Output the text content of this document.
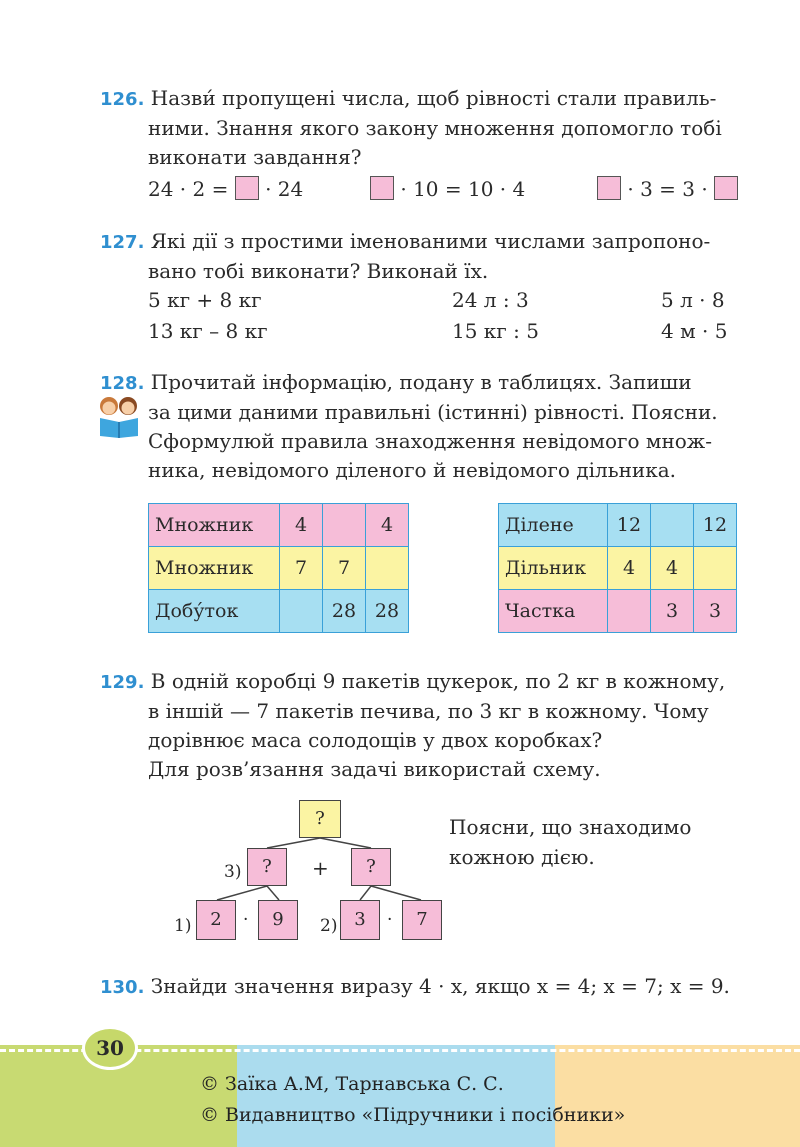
126. Назви́ пропущені числа, щоб рівності стали правиль-
ними. Знання якого закону множення допомогло тобі
виконати завдання?
24 · 2 = · 24	· 10 = 10 · 4	· 3 = 3 ·
127. Які дії з простими іменованими числами запропоно-
вано тобі виконати? Виконай їх.
5 кг + 8 кг	24 л : 3	5 л · 8
13 кг – 8 кг	15 кг : 5	4 м · 5
128. Прочитай інформацію, подану в таблицях. Запиши
за цими даними правильні (істинні) рівності. Поясни.
Сформулюй правила знаходження невідомого множ-
ника, невідомого діленого й невідомого дільника.
Множник	4		4
Множник	7	7	
Добу́ток		28	28
Ділене	12		12
Дільник	4	4	
Частка		3	3
129. В одній коробці 9 пакетів цукерок, по 2 кг в кожному,
в іншій — 7 пакетів печива, по 3 кг в кожному. Чому
дорівнює маса солодощів у двох коробках?
Для розв’язання задачі використай схему.
?
?	?
+
3)
2	·	9
1)	3	·	7
2)
Поясни, що знаходимо
кожною дією.
130. Знайди значення виразу 4 · x, якщо x = 4; x = 7; x = 9.
30
© Заїка А.М, Тарнавська С. С.
© Видавництво «Підручники і посібники»
